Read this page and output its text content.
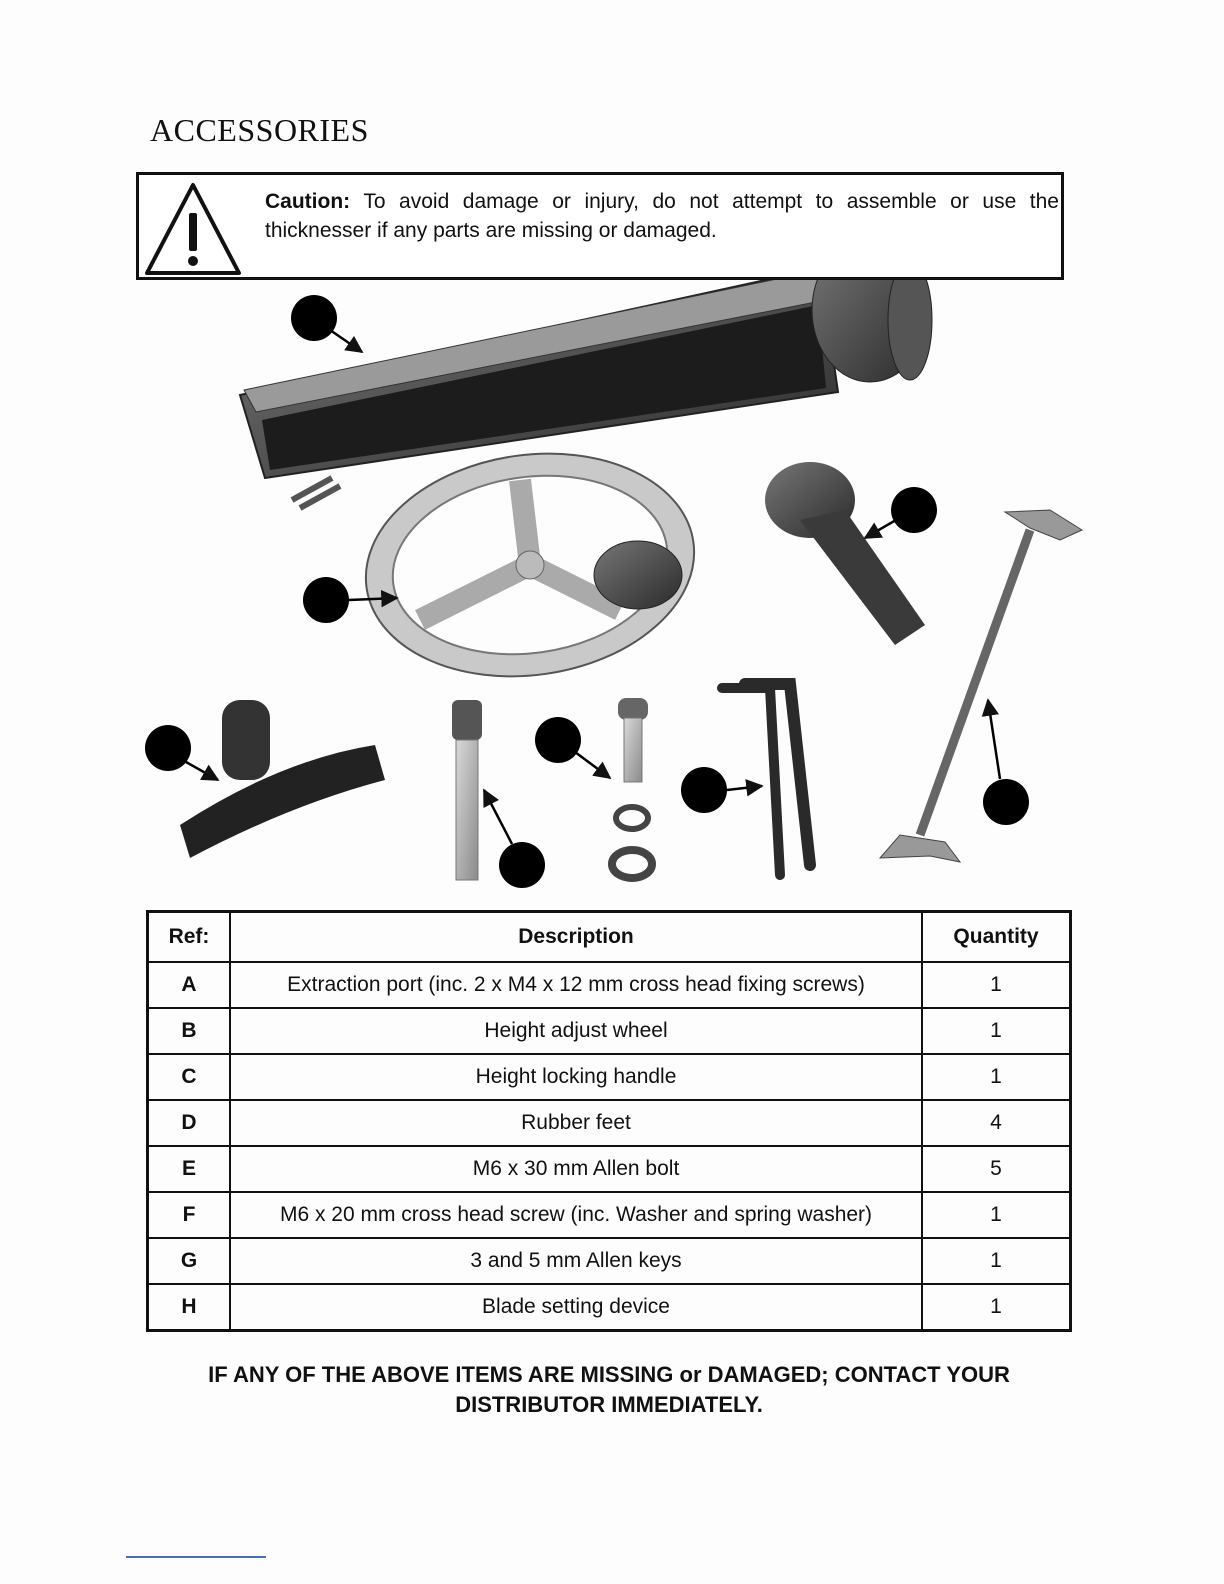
ACCESSORIES
Caution: To avoid damage or injury, do not attempt to assemble or use the thicknesser if any parts are missing or damaged.
Ref:	Description	Quantity
A	Extraction port (inc. 2 x M4 x 12 mm cross head fixing screws)	1
B	Height adjust wheel	1
C	Height locking handle	1
D	Rubber feet	4
E	M6 x 30 mm Allen bolt	5
F	M6 x 20 mm cross head screw (inc. Washer and spring washer)	1
G	3 and 5 mm Allen keys	1
H	Blade setting device	1
IF ANY OF THE ABOVE ITEMS ARE MISSING or DAMAGED; CONTACT YOUR
DISTRIBUTOR IMMEDIATELY.
